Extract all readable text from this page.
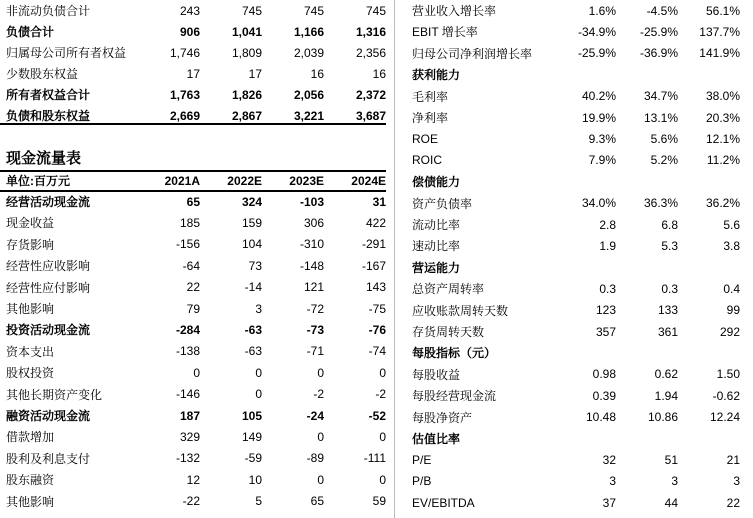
非流动负债合计	243	745	745	745
负债合计	906	1,041	1,166	1,316
归属母公司所有者权益	1,746	1,809	2,039	2,356
少数股东权益	17	17	16	16
所有者权益合计	1,763	1,826	2,056	2,372
负债和股东权益	2,669	2,867	3,221	3,687
现金流量表
单位:百万元	2021A	2022E	2023E	2024E
经营活动现金流	65	324	-103	31
现金收益	185	159	306	422
存货影响	-156	104	-310	-291
经营性应收影响	-64	73	-148	-167
经营性应付影响	22	-14	121	143
其他影响	79	3	-72	-75
投资活动现金流	-284	-63	-73	-76
资本支出	-138	-63	-71	-74
股权投资	0	0	0	0
其他长期资产变化	-146	0	-2	-2
融资活动现金流	187	105	-24	-52
借款增加	329	149	0	0
股利及利息支付	-132	-59	-89	-111
股东融资	12	10	0	0
其他影响	-22	5	65	59
营业收入增长率	1.6%	-4.5%	56.1%
EBIT 增长率	-34.9%	-25.9%	137.7%
归母公司净利润增长率	-25.9%	-36.9%	141.9%
获利能力
毛利率	40.2%	34.7%	38.0%
净利率	19.9%	13.1%	20.3%
ROE	9.3%	5.6%	12.1%
ROIC	7.9%	5.2%	11.2%
偿债能力
资产负债率	34.0%	36.3%	36.2%
流动比率	2.8	6.8	5.6
速动比率	1.9	5.3	3.8
营运能力
总资产周转率	0.3	0.3	0.4
应收账款周转天数	123	133	99
存货周转天数	357	361	292
每股指标（元）
每股收益	0.98	0.62	1.50
每股经营现金流	0.39	1.94	-0.62
每股净资产	10.48	10.86	12.24
估值比率
P/E	32	51	21
P/B	3	3	3
EV/EBITDA	37	44	22
